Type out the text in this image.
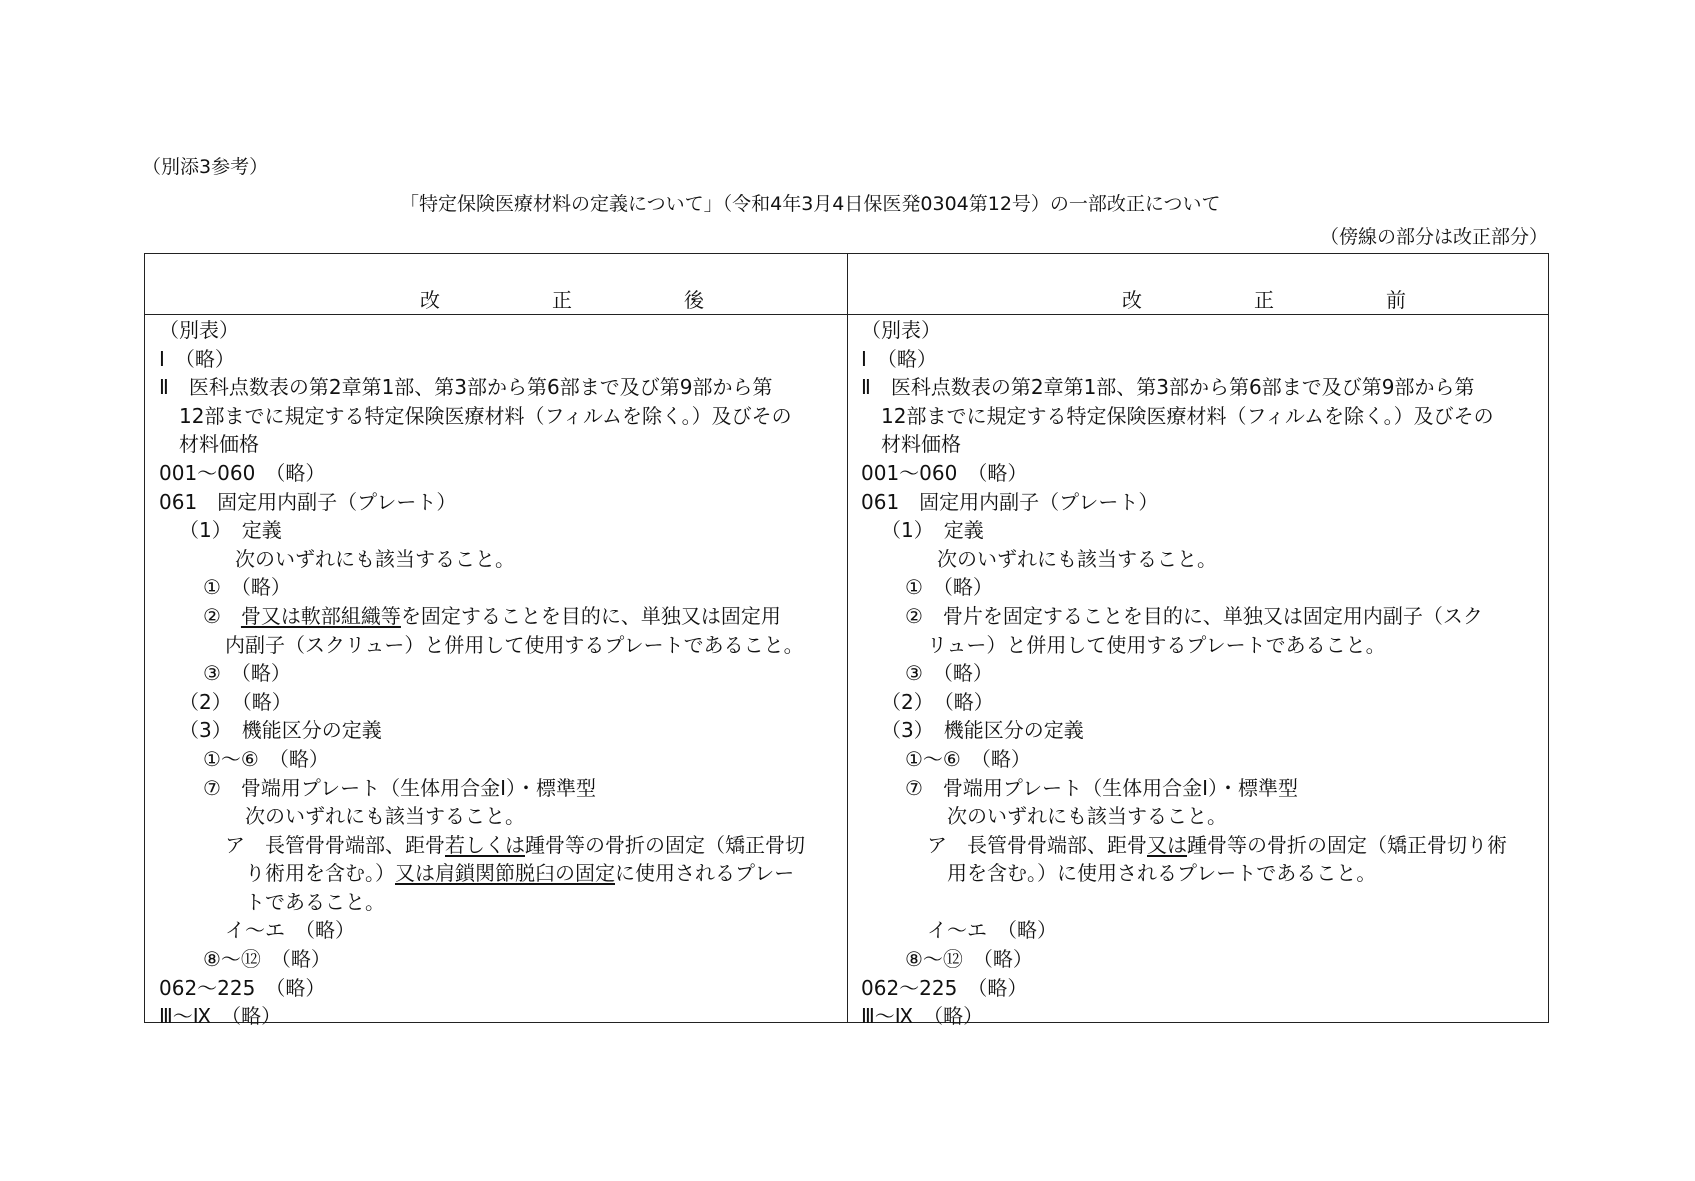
（別添3参考）
「特定保険医療材料の定義について」（令和4年3月4日保医発0304第12号）の一部改正について
（傍線の部分は改正部分）
改　正　後	改　正　前
（別表）
Ⅰ　（略）
Ⅱ　医科点数表の第2章第1部、第3部から第6部まで及び第9部から第
12部までに規定する特定保険医療材料（フィルムを除く。）及びその
材料価格
001～060　（略）
061　固定用内副子（プレート）
（1）　定義
次のいずれにも該当すること。
①　（略）
②　骨又は軟部組織等を固定することを目的に、単独又は固定用
内副子（スクリュー）と併用して使用するプレートであること。
③　（略）
（2）　（略）
（3）　機能区分の定義
①～⑥　（略）
⑦　骨端用プレート（生体用合金Ⅰ）・標準型
次のいずれにも該当すること。
ア　長管骨骨端部、距骨若しくは踵骨等の骨折の固定（矯正骨切
り術用を含む。）又は肩鎖関節脱臼の固定に使用されるプレー
トであること。
イ～エ　（略）
⑧～⑫　（略）
062～225　（略）
Ⅲ～Ⅸ　（略）
（別表）
Ⅰ　（略）
Ⅱ　医科点数表の第2章第1部、第3部から第6部まで及び第9部から第
12部までに規定する特定保険医療材料（フィルムを除く。）及びその
材料価格
001～060　（略）
061　固定用内副子（プレート）
（1）　定義
次のいずれにも該当すること。
①　（略）
②　骨片を固定することを目的に、単独又は固定用内副子（スク
リュー）と併用して使用するプレートであること。
③　（略）
（2）　（略）
（3）　機能区分の定義
①～⑥　（略）
⑦　骨端用プレート（生体用合金Ⅰ）・標準型
次のいずれにも該当すること。
ア　長管骨骨端部、距骨又は踵骨等の骨折の固定（矯正骨切り術
用を含む。）に使用されるプレートであること。
イ～エ　（略）
⑧～⑫　（略）
062～225　（略）
Ⅲ～Ⅸ　（略）
